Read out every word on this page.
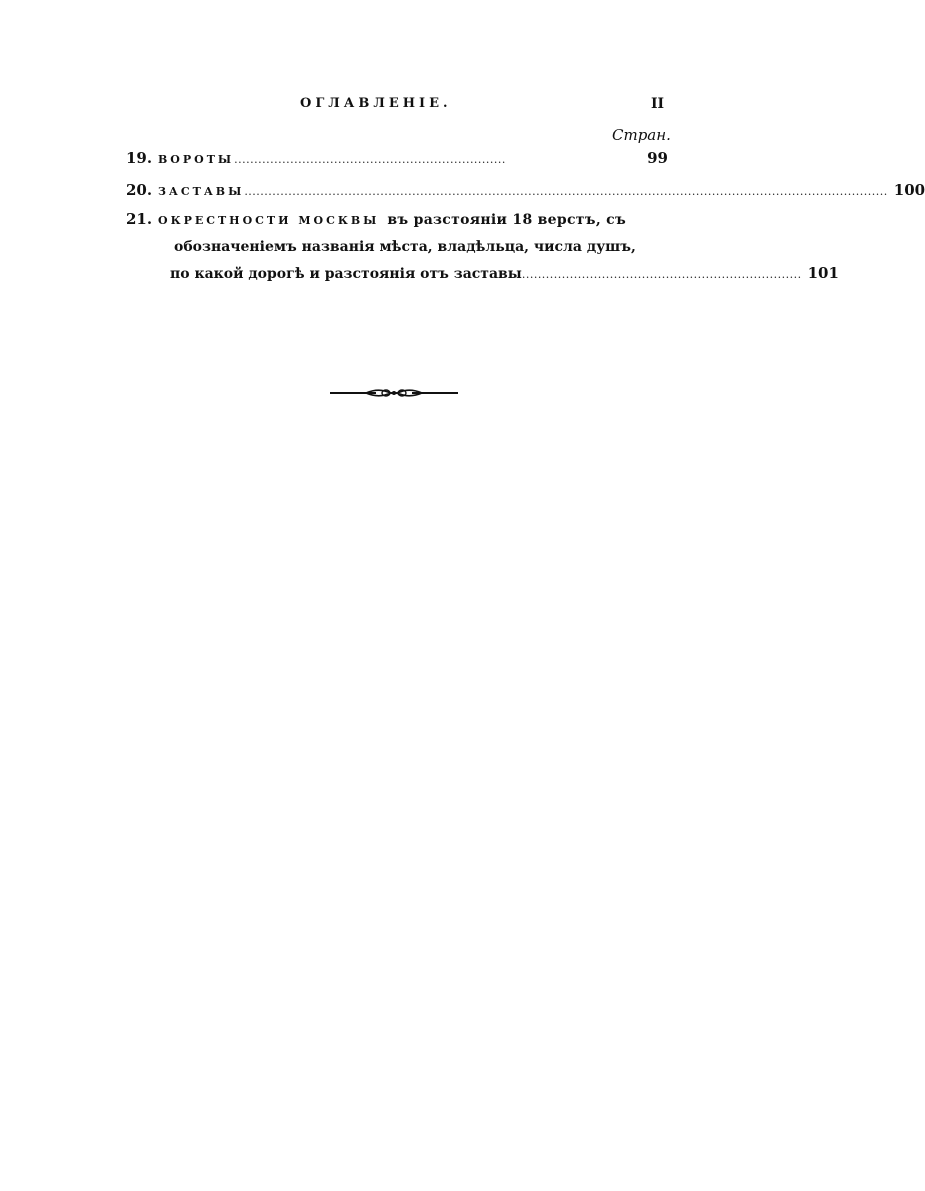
ОГЛАВЛЕНІЕ.	II
Стран.
19. ВОРОТЫ ....................................................................	99
20. ЗАСТАВЫ ................................................................................................................................................................. 100
21. ОКРЕСТНОСТИ МОСКВЫ въ разстояніи 18 верстъ, съ
обозначеніемъ названія мѣста, владѣльца, числа душъ,
по какой дорогѣ и разстоянія отъ заставы ...................................................................... 101
